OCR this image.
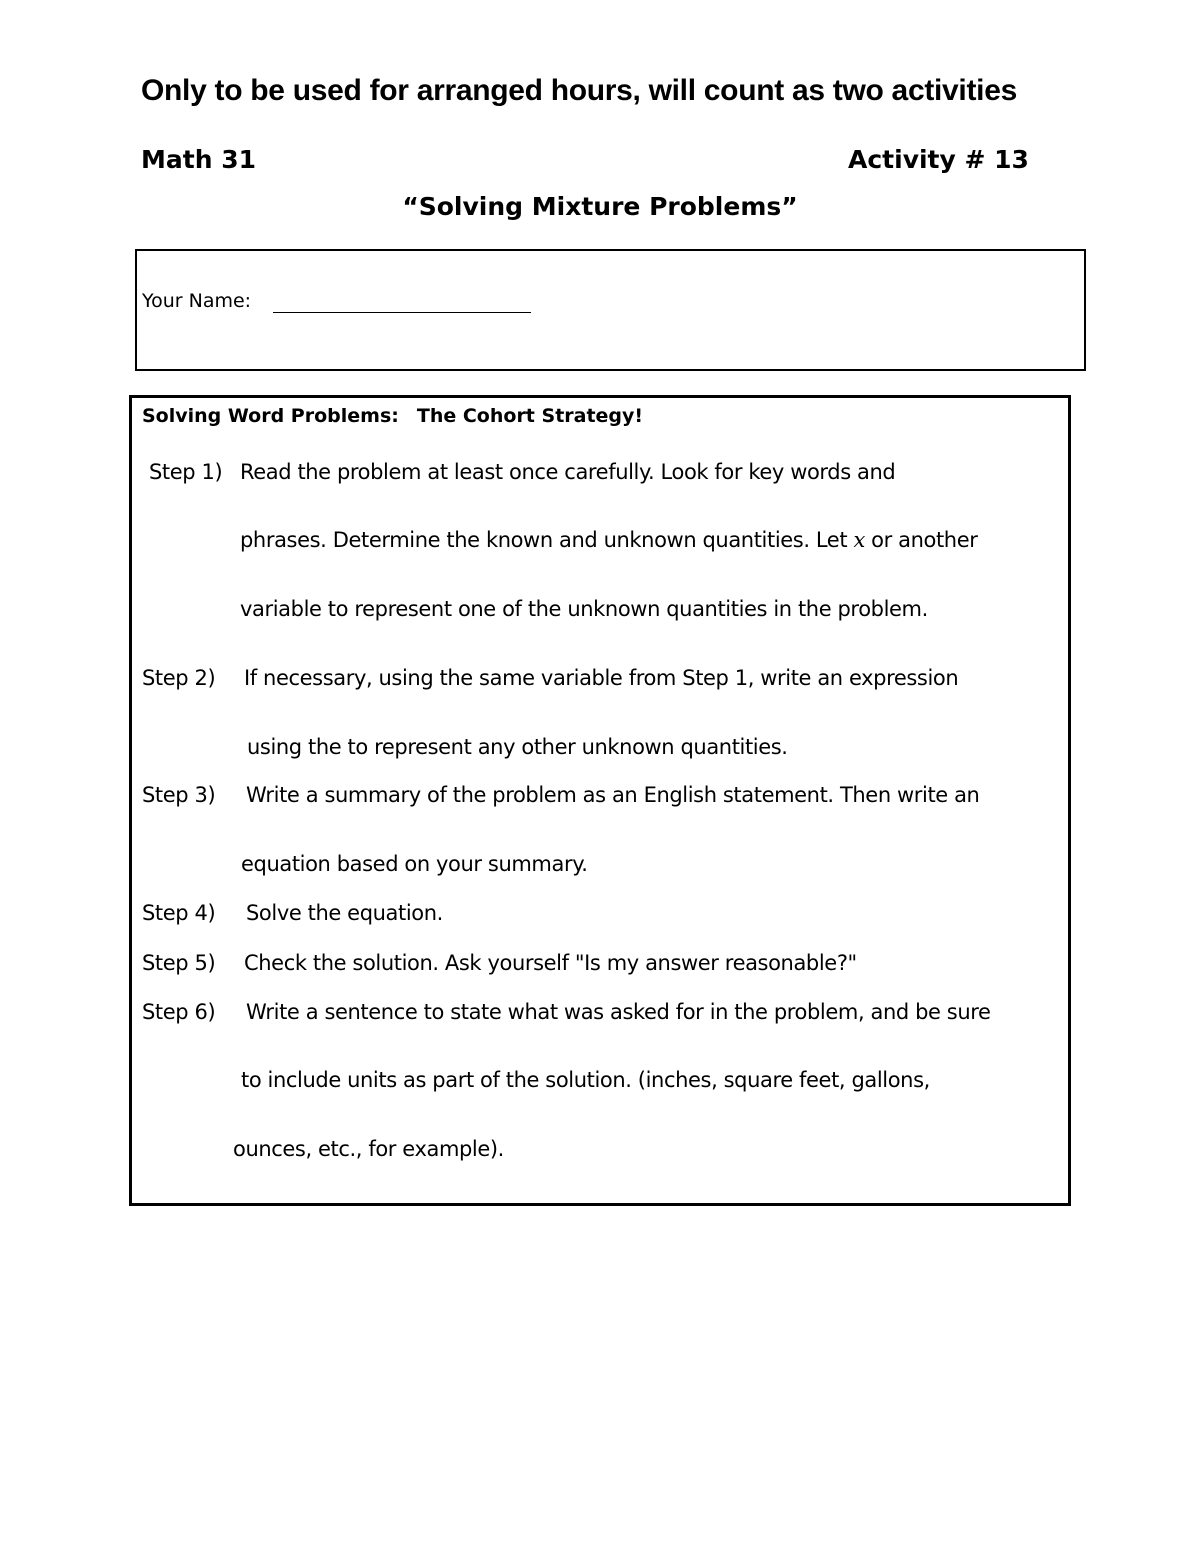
Only to be used for arranged hours, will count as two activities
Math 31	Activity # 13
“Solving Mixture Problems”
Your Name:
Solving Word Problems: The Cohort Strategy!
Step 1) Read the problem at least once carefully. Look for key words and
phrases. Determine the known and unknown quantities. Let x or another
variable to represent one of the unknown quantities in the problem.
Step 2) If necessary, using the same variable from Step 1, write an expression
using the to represent any other unknown quantities.
Step 3) Write a summary of the problem as an English statement. Then write an
equation based on your summary.
Step 4) Solve the equation.
Step 5) Check the solution. Ask yourself "Is my answer reasonable?"
Step 6) Write a sentence to state what was asked for in the problem, and be sure
to include units as part of the solution. (inches, square feet, gallons,
ounces, etc., for example).
